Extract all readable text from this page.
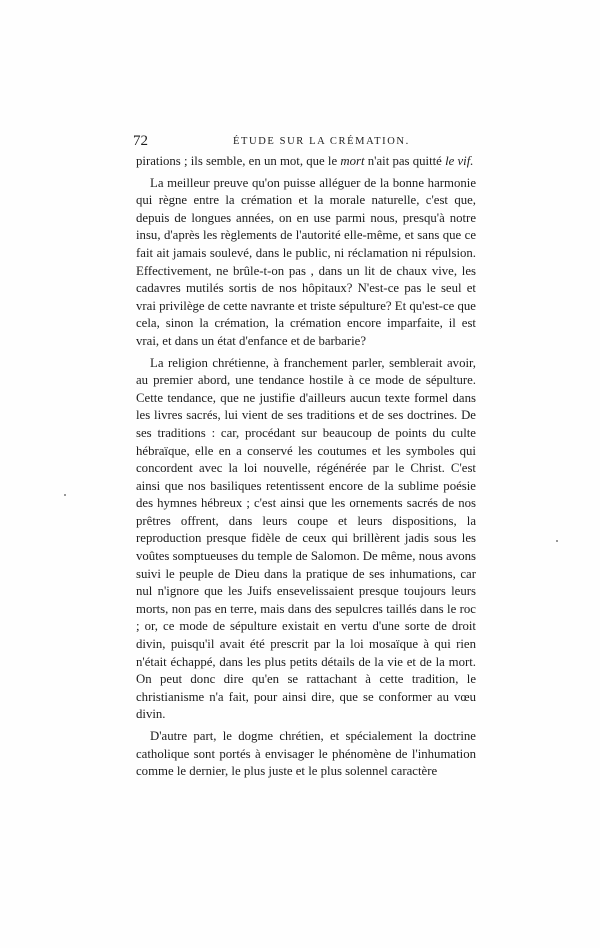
72	ÉTUDE SUR LA CRÉMATION.

pirations ; ils semble, en un mot, que le mort n'ait pas quitté le vif.

La meilleur preuve qu'on puisse alléguer de la bonne harmonie qui règne entre la crémation et la morale naturelle, c'est que, depuis de longues années, on en use parmi nous, presqu'à notre insu, d'après les règlements de l'autorité elle-même, et sans que ce fait ait jamais soulevé, dans le public, ni réclamation ni répulsion. Effectivement, ne brûle-t-on pas , dans un lit de chaux vive, les cadavres mutilés sortis de nos hôpitaux? N'est-ce pas le seul et vrai privilège de cette navrante et triste sépulture? Et qu'est-ce que cela, sinon la crémation, la crémation encore imparfaite, il est vrai, et dans un état d'enfance et de barbarie?

La religion chrétienne, à franchement parler, semblerait avoir, au premier abord, une tendance hostile à ce mode de sépulture. Cette tendance, que ne justifie d'ailleurs aucun texte formel dans les livres sacrés, lui vient de ses traditions et de ses doctrines. De ses traditions : car, procédant sur beaucoup de points du culte hébraïque, elle en a conservé les coutumes et les symboles qui concordent avec la loi nouvelle, régénérée par le Christ. C'est ainsi que nos basiliques retentissent encore de la sublime poésie des hymnes hébreux ; c'est ainsi que les ornements sacrés de nos prêtres offrent, dans leurs coupe et leurs dispositions, la reproduction presque fidèle de ceux qui brillèrent jadis sous les voûtes somptueuses du temple de Salomon. De même, nous avons suivi le peuple de Dieu dans la pratique de ses inhumations, car nul n'ignore que les Juifs ensevelissaient presque toujours leurs morts, non pas en terre, mais dans des sepulcres taillés dans le roc ; or, ce mode de sépulture existait en vertu d'une sorte de droit divin, puisqu'il avait été prescrit par la loi mosaïque à qui rien n'était échappé, dans les plus petits détails de la vie et de la mort. On peut donc dire qu'en se rattachant à cette tradition, le christianisme n'a fait, pour ainsi dire, que se conformer au vœu divin.

D'autre part, le dogme chrétien, et spécialement la doctrine catholique sont portés à envisager le phénomène de l'inhumation comme le dernier, le plus juste et le plus solennel caractère
